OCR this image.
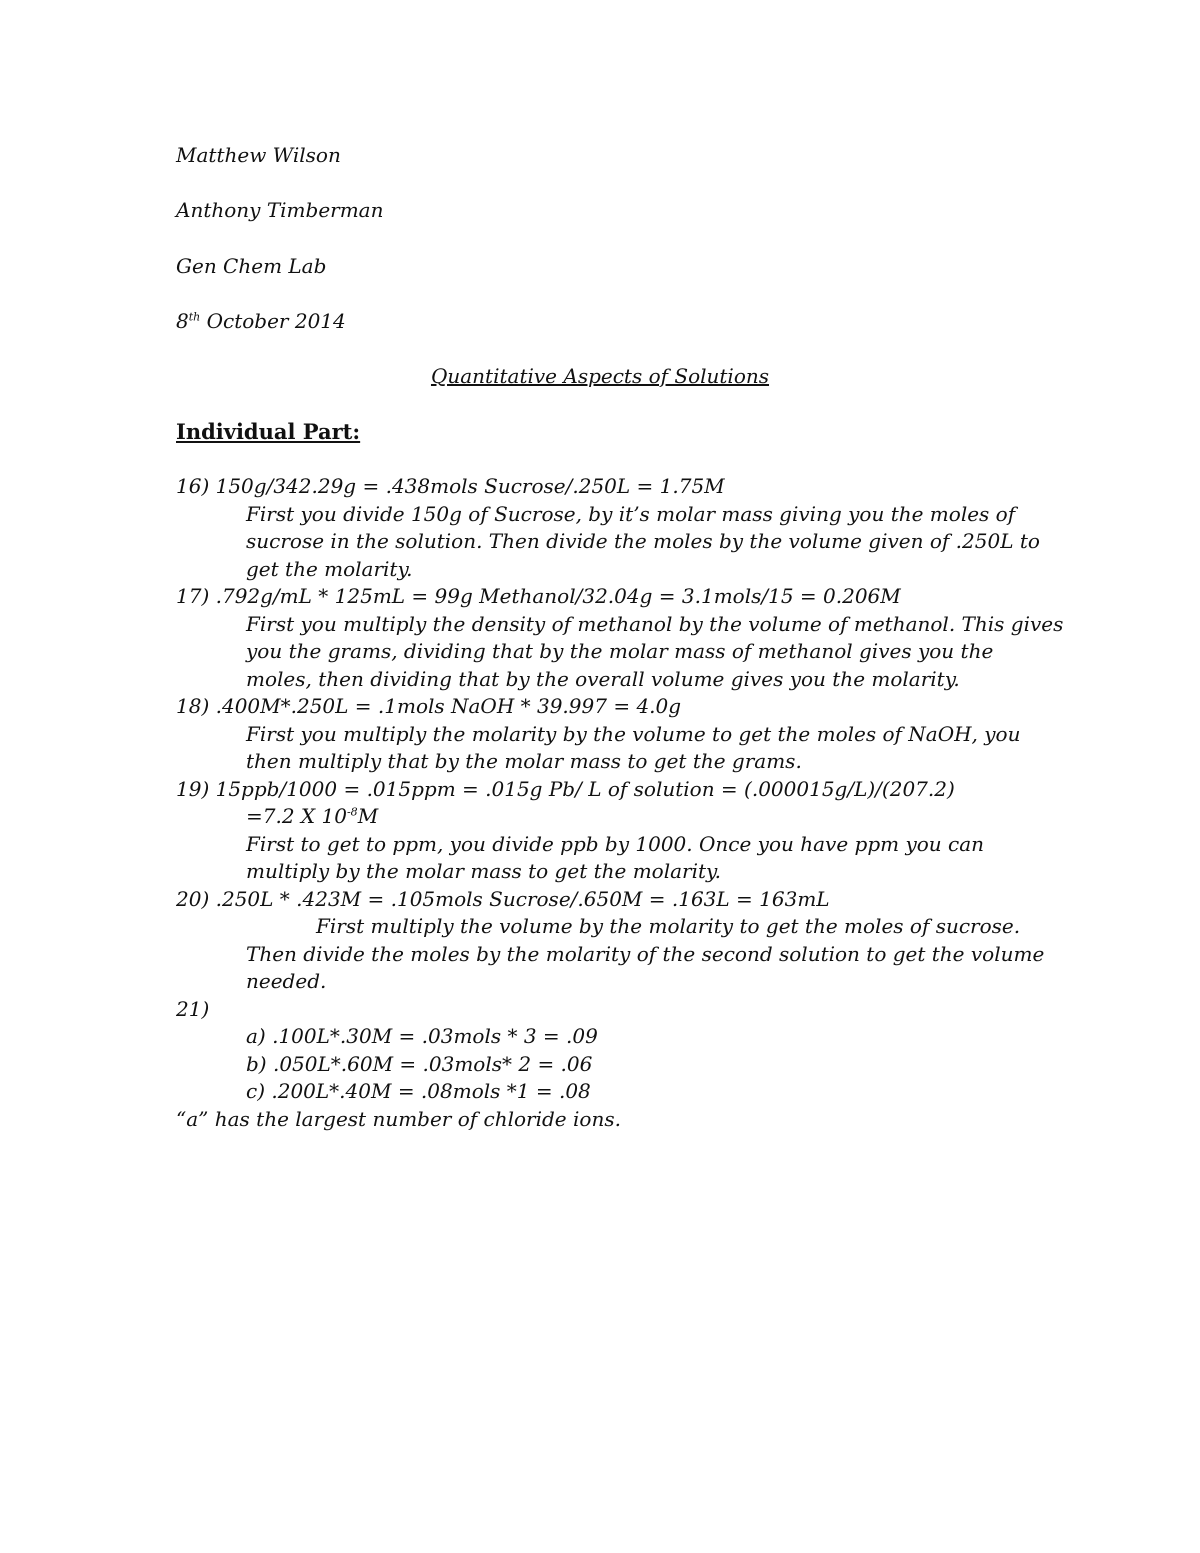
Matthew Wilson
Anthony Timberman
Gen Chem Lab
8th October 2014
Quantitative Aspects of Solutions
Individual Part:
16) 150g/342.29g = .438mols Sucrose/.250L = 1.75M
First you divide 150g of Sucrose, by it’s molar mass giving you the moles of
sucrose in the solution. Then divide the moles by the volume given of .250L to
get the molarity.
17) .792g/mL * 125mL = 99g Methanol/32.04g = 3.1mols/15 = 0.206M
First you multiply the density of methanol by the volume of methanol. This gives
you the grams, dividing that by the molar mass of methanol gives you the
moles, then dividing that by the overall volume gives you the molarity.
18) .400M*.250L = .1mols NaOH * 39.997 = 4.0g
First you multiply the molarity by the volume to get the moles of NaOH, you
then multiply that by the molar mass to get the grams.
19) 15ppb/1000 = .015ppm = .015g Pb/ L of solution = (.000015g/L)/(207.2)
=7.2 X $10^{-8}M$
First to get to ppm, you divide ppb by 1000. Once you have ppm you can
multiply by the molar mass to get the molarity.
20) .250L * .423M = .105mols Sucrose/.650M = .163L = 163mL
First multiply the volume by the molarity to get the moles of sucrose.
Then divide the moles by the molarity of the second solution to get the volume
needed.
21)
a) .100L*.30M = .03mols * 3 = .09
b) .050L*.60M = .03mols* 2 = .06
c) .200L*.40M = .08mols *1 = .08
“a” has the largest number of chloride ions.
